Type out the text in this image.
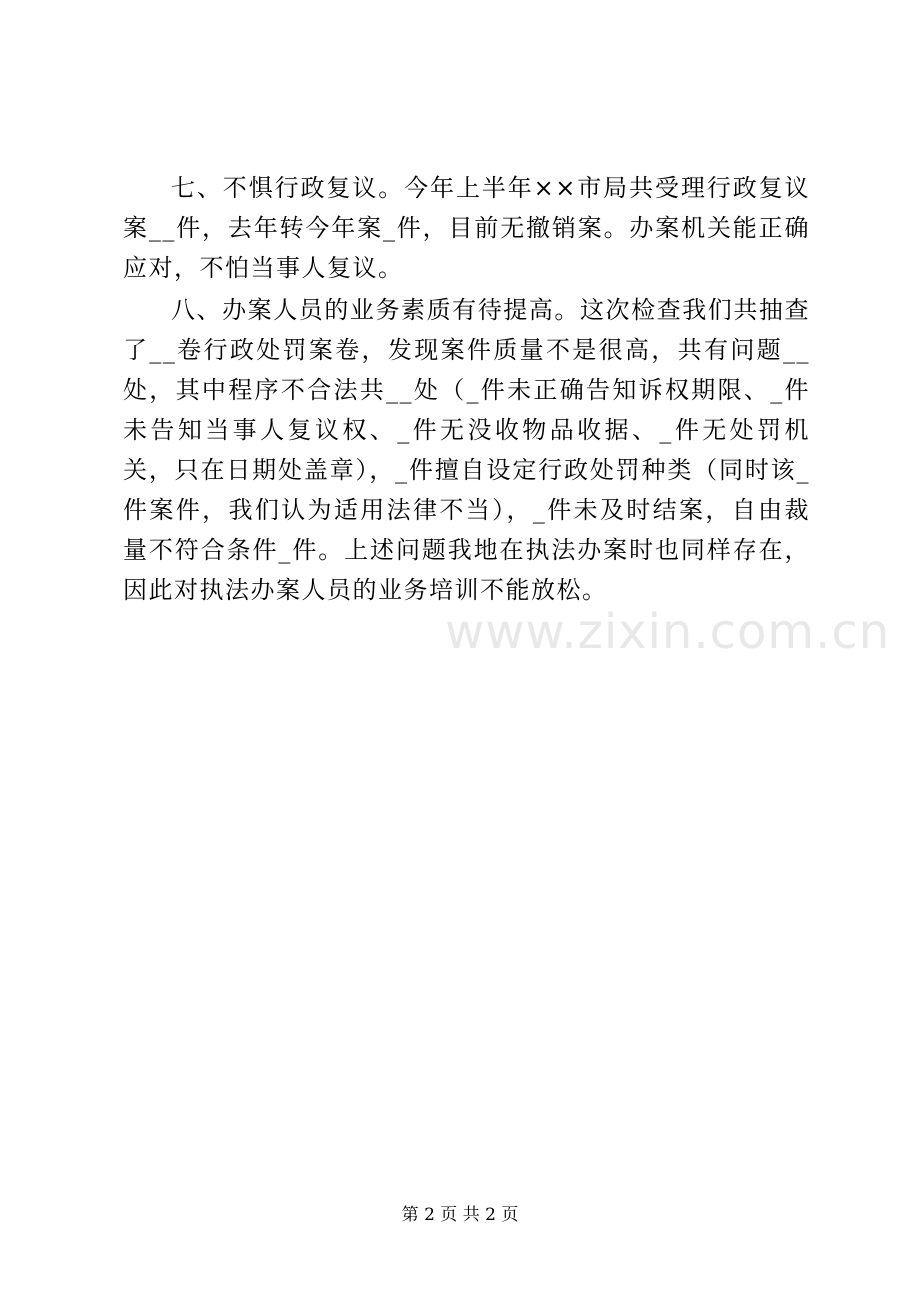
七、不惧行政复议。今年上半年××市局共受理行政复议案__件，去年转今年案_件，目前无撤销案。办案机关能正确应对，不怕当事人复议。

八、办案人员的业务素质有待提高。这次检查我们共抽查了__卷行政处罚案卷，发现案件质量不是很高，共有问题__处，其中程序不合法共__处（_件未正确告知诉权期限、_件未告知当事人复议权、_件无没收物品收据、_件无处罚机关，只在日期处盖章），_件擅自设定行政处罚种类（同时该_件案件，我们认为适用法律不当），_件未及时结案，自由裁量不符合条件_件。上述问题我地在执法办案时也同样存在，因此对执法办案人员的业务培训不能放松。

www.zixin.com.cn
第 2 页 共 2 页
